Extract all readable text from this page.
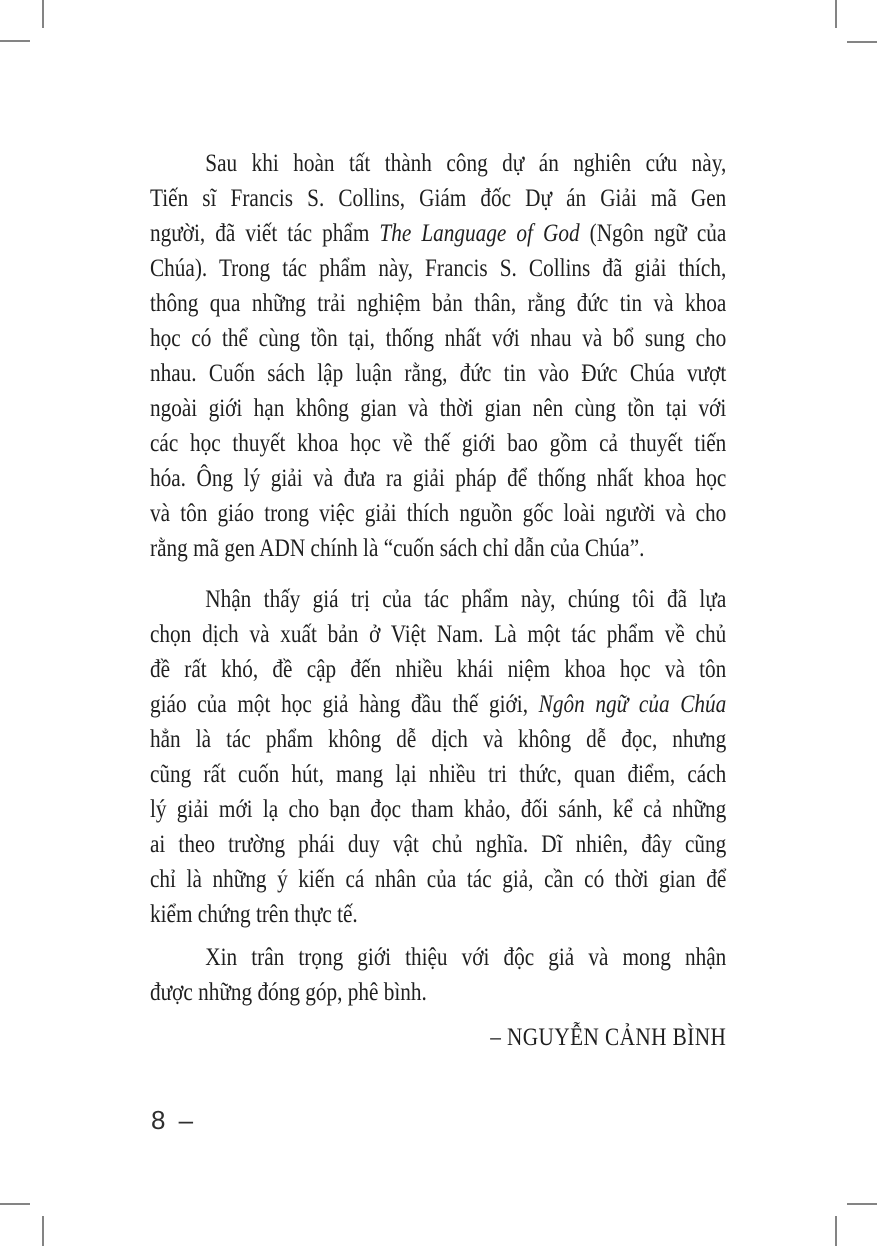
Sau khi hoàn tất thành công dự án nghiên cứu này,
Tiến sĩ Francis S. Collins, Giám đốc Dự án Giải mã Gen
người, đã viết tác phẩm The Language of God (Ngôn ngữ của
Chúa). Trong tác phẩm này, Francis S. Collins đã giải thích,
thông qua những trải nghiệm bản thân, rằng đức tin và khoa
học có thể cùng tồn tại, thống nhất với nhau và bổ sung cho
nhau. Cuốn sách lập luận rằng, đức tin vào Đức Chúa vượt
ngoài giới hạn không gian và thời gian nên cùng tồn tại với
các học thuyết khoa học về thế giới bao gồm cả thuyết tiến
hóa. Ông lý giải và đưa ra giải pháp để thống nhất khoa học
và tôn giáo trong việc giải thích nguồn gốc loài người và cho
rằng mã gen ADN chính là “cuốn sách chỉ dẫn của Chúa”.
Nhận thấy giá trị của tác phẩm này, chúng tôi đã lựa
chọn dịch và xuất bản ở Việt Nam. Là một tác phẩm về chủ
đề rất khó, đề cập đến nhiều khái niệm khoa học và tôn
giáo của một học giả hàng đầu thế giới, Ngôn ngữ của Chúa
hẳn là tác phẩm không dễ dịch và không dễ đọc, nhưng
cũng rất cuốn hút, mang lại nhiều tri thức, quan điểm, cách
lý giải mới lạ cho bạn đọc tham khảo, đối sánh, kể cả những
ai theo trường phái duy vật chủ nghĩa. Dĩ nhiên, đây cũng
chỉ là những ý kiến cá nhân của tác giả, cần có thời gian để
kiểm chứng trên thực tế.
Xin trân trọng giới thiệu với độc giả và mong nhận
được những đóng góp, phê bình.
– NGUYỄN CẢNH BÌNH
8 –
